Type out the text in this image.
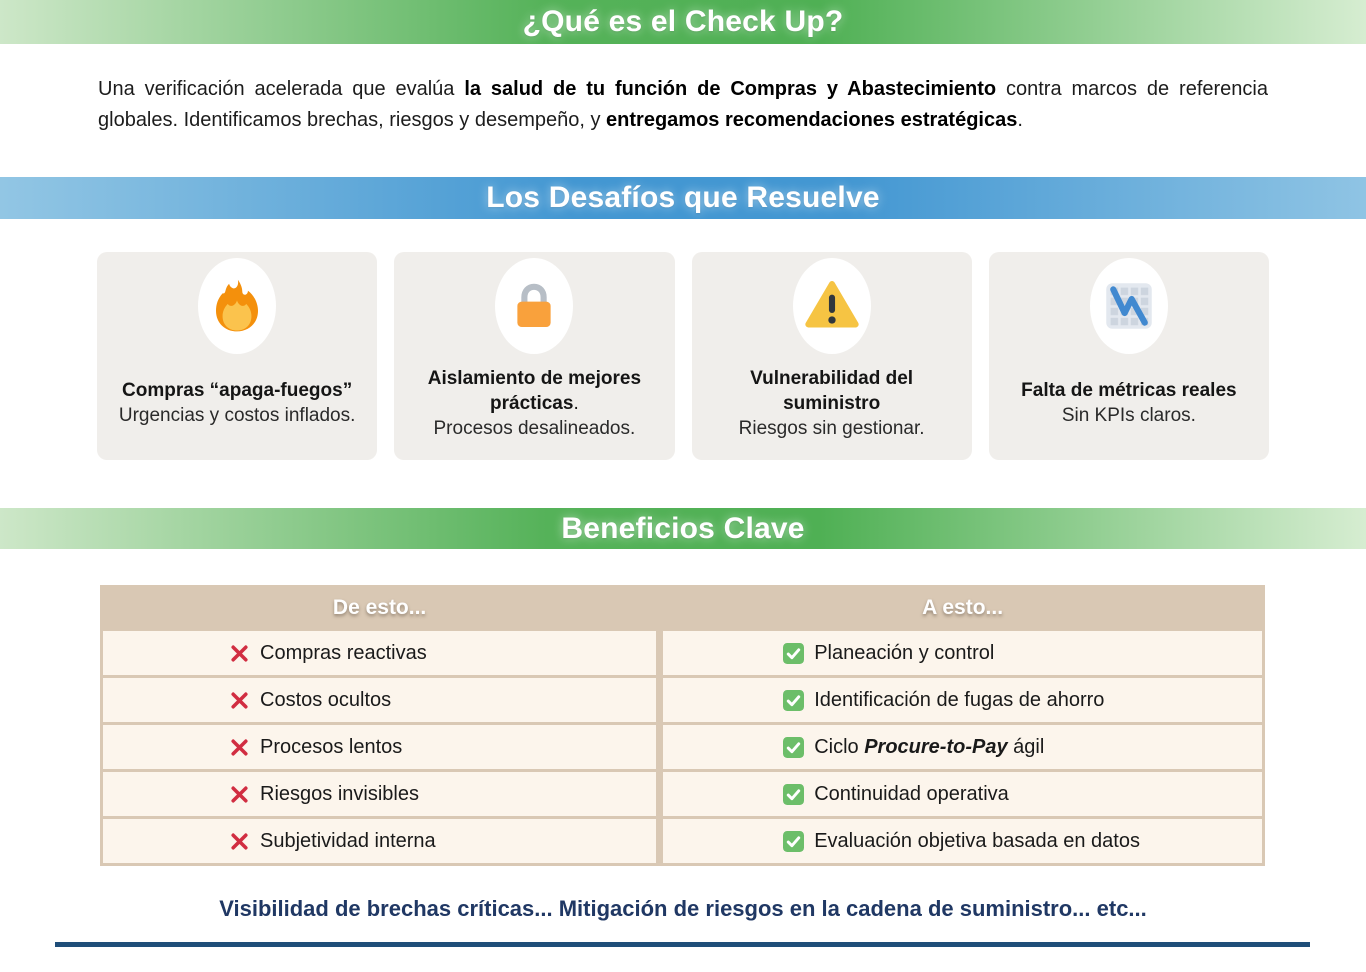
¿Qué es el Check Up?

Una verificación acelerada que evalúa la salud de tu función de Compras y Abastecimiento contra marcos de referencia globales. Identificamos brechas, riesgos y desempeño, y entregamos recomendaciones estratégicas.

Los Desafíos que Resuelve
Compras “apaga-fuegos”
Urgencias y costos inflados.
Aislamiento de mejores prácticas.
Procesos desalineados.
Vulnerabilidad del suministro
Riesgos sin gestionar.
Falta de métricas reales
Sin KPIs claros.
Beneficios Clave
De esto...	A esto...
Compras reactivas	Planeación y control
Costos ocultos	Identificación de fugas de ahorro
Procesos lentos	Ciclo Procure-to-Pay ágil
Riesgos invisibles	Continuidad operativa
Subjetividad interna	Evaluación objetiva basada en datos
Visibilidad de brechas críticas... Mitigación de riesgos en la cadena de suministro... etc...
